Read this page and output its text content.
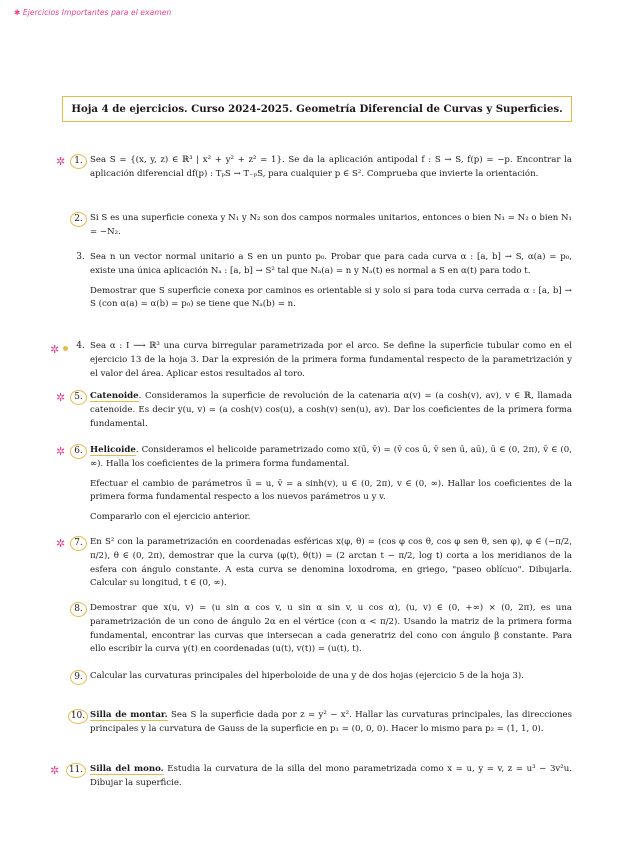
✱ Ejercicios Importantes para el examen
Hoja 4 de ejercicios. Curso 2024-2025. Geometría Diferencial de Curvas y Superficies.
✲ 1. Sea S = {(x, y, z) ∈ ℝ³ | x² + y² + z² = 1}. Se da la aplicación antipodal f : S → S, f(p) = −p. Encontrar la aplicación diferencial df(p) : TₚS → T₋ₚS, para cualquier p ∈ S². Comprueba que invierte la orientación.

2. Si S es una superficie conexa y N₁ y N₂ son dos campos normales unitarios, entonces o bien N₁ = N₂ o bien N₁ = −N₂.

3. Sea n un vector normal unitario a S en un punto p₀. Probar que para cada curva α : [a, b] → S, α(a) = p₀, existe una única aplicación Nₐ : [a, b] → S² tal que Nₐ(a) = n y Nₐ(t) es normal a S en α(t) para todo t.

Demostrar que S superficie conexa por caminos es orientable si y solo si para toda curva cerrada α : [a, b] → S (con α(a) = α(b) = p₀) se tiene que Nₐ(b) = n.

✲	4. Sea α : I ⟶ ℝ³ una curva birregular parametrizada por el arco. Se define la superficie tubular como en el ejercicio 13 de la hoja 3. Dar la expresión de la primera forma fundamental respecto de la parametrización y el valor del área. Aplicar estos resultados al toro.

✲ 5. Catenoide. Consideramos la superficie de revolución de la catenaria α(v) = (a cosh(v), av), v ∈ ℝ, llamada catenoide. Es decir y(u, v) = (a cosh(v) cos(u), a cosh(v) sen(u), av). Dar los coeficientes de la primera forma fundamental.

✲ 6. Helicoide. Consideramos el helicoide parametrizado como x(ū, v̄) = (v̄ cos ū, v̄ sen ū, aū), ū ∈ (0, 2π), v̄ ∈ (0, ∞). Halla los coeficientes de la primera forma fundamental.

Efectuar el cambio de parámetros ū = u, v̄ = a sinh(v), u ∈ (0, 2π), v ∈ (0, ∞). Hallar los coeficientes de la primera forma fundamental respecto a los nuevos parámetros u y v.

Compararlo con el ejercicio anterior.

✲ 7. En S² con la parametrización en coordenadas esféricas x(φ, θ) = (cos φ cos θ, cos φ sen θ, sen φ), φ ∈ (−π/2, π/2), θ ∈ (0, 2π), demostrar que la curva (φ(t), θ(t)) = (2 arctan t − π/2, log t) corta a los meridianos de la esfera con ángulo constante. A esta curva se denomina loxodroma, en griego, "paseo oblícuo". Dibujarla. Calcular su longitud, t ∈ (0, ∞).

8. Demostrar que x(u, v) = (u sin α cos v, u sin α sin v, u cos α), (u, v) ∈ (0, +∞) × (0, 2π), es una parametrización de un cono de ángulo 2α en el vértice (con α < π/2). Usando la matriz de la primera forma fundamental, encontrar las curvas que intersecan a cada generatriz del cono con ángulo β constante. Para ello escribir la curva γ(t) en coordenadas (u(t), v(t)) = (u(t), t).

9. Calcular las curvaturas principales del hiperboloide de una y de dos hojas (ejercicio 5 de la hoja 3).

10. Silla de montar. Sea S la superficie dada por z = y² − x². Hallar las curvaturas principales, las direcciones principales y la curvatura de Gauss de la superficie en p₁ = (0, 0, 0). Hacer lo mismo para p₂ = (1, 1, 0).

✲	11. Silla del mono. Estudia la curvatura de la silla del mono parametrizada como x = u, y = v, z = u³ − 3v²u. Dibujar la superficie.
